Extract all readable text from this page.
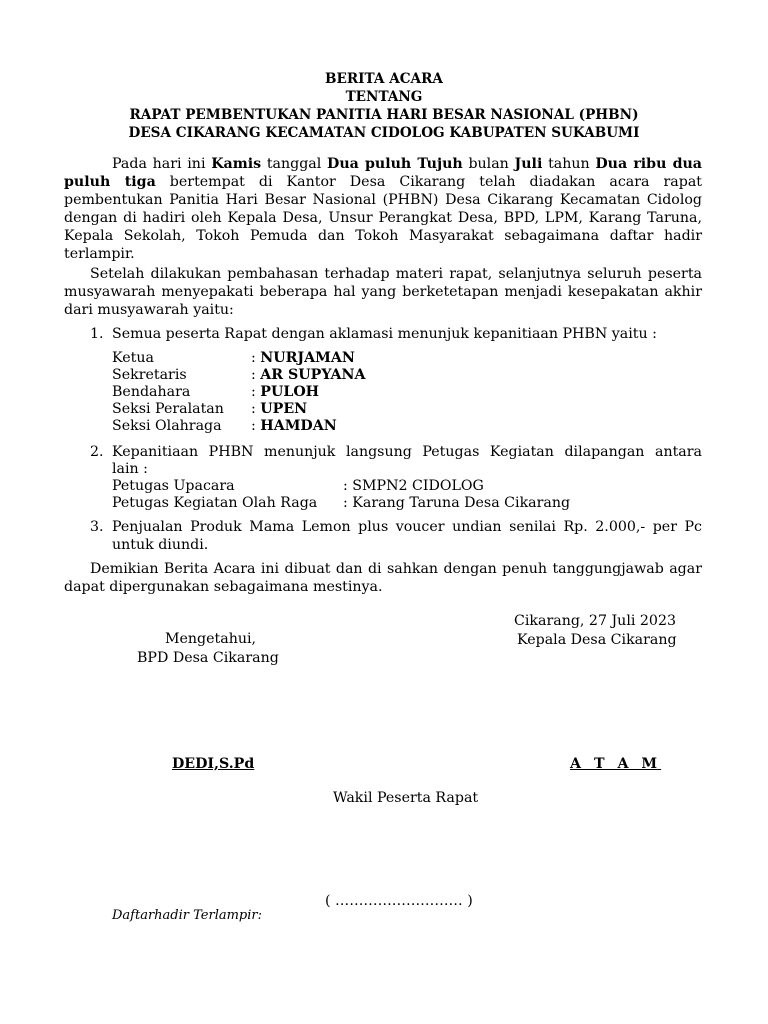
BERITA ACARA
TENTANG
RAPAT PEMBENTUKAN PANITIA HARI BESAR NASIONAL (PHBN)
DESA CIKARANG KECAMATAN CIDOLOG KABUPATEN SUKABUMI
Pada hari ini Kamis tanggal Dua puluh Tujuh bulan Juli tahun Dua ribu dua puluh tiga bertempat di Kantor Desa Cikarang telah diadakan acara rapat pembentukan Panitia Hari Besar Nasional (PHBN) Desa Cikarang Kecamatan Cidolog dengan di hadiri oleh Kepala Desa, Unsur Perangkat Desa, BPD, LPM, Karang Taruna, Kepala Sekolah, Tokoh Pemuda dan Tokoh Masyarakat sebagaimana daftar hadir terlampir.
Setelah dilakukan pembahasan terhadap materi rapat, selanjutnya seluruh peserta musyawarah menyepakati beberapa hal yang berketetapan menjadi kesepakatan akhir dari musyawarah yaitu:
1. Semua peserta Rapat dengan aklamasi menunjuk kepanitiaan PHBN yaitu :
Ketua	: NURJAMAN
Sekretaris	: AR SUPYANA
Bendahara	: PULOH
Seksi Peralatan : UPEN
Seksi Olahraga : HAMDAN
2. Kepanitiaan PHBN menunjuk langsung Petugas Kegiatan dilapangan antara
lain :
Petugas Upacara	: SMPN2 CIDOLOG
Petugas Kegiatan Olah Raga : Karang Taruna Desa Cikarang
3. Penjualan Produk Mama Lemon plus voucer undian senilai Rp. 2.000,- per Pc
untuk diundi.
Demikian Berita Acara ini dibuat dan di sahkan dengan penuh tanggungjawab agar dapat dipergunakan sebagaimana mestinya.
Cikarang, 27 Juli 2023
Kepala Desa Cikarang
Mengetahui,
BPD Desa Cikarang
DEDI,S.Pd	A T A M
Wakil Peserta Rapat
( ……………………… )
Daftarhadir Terlampir:
